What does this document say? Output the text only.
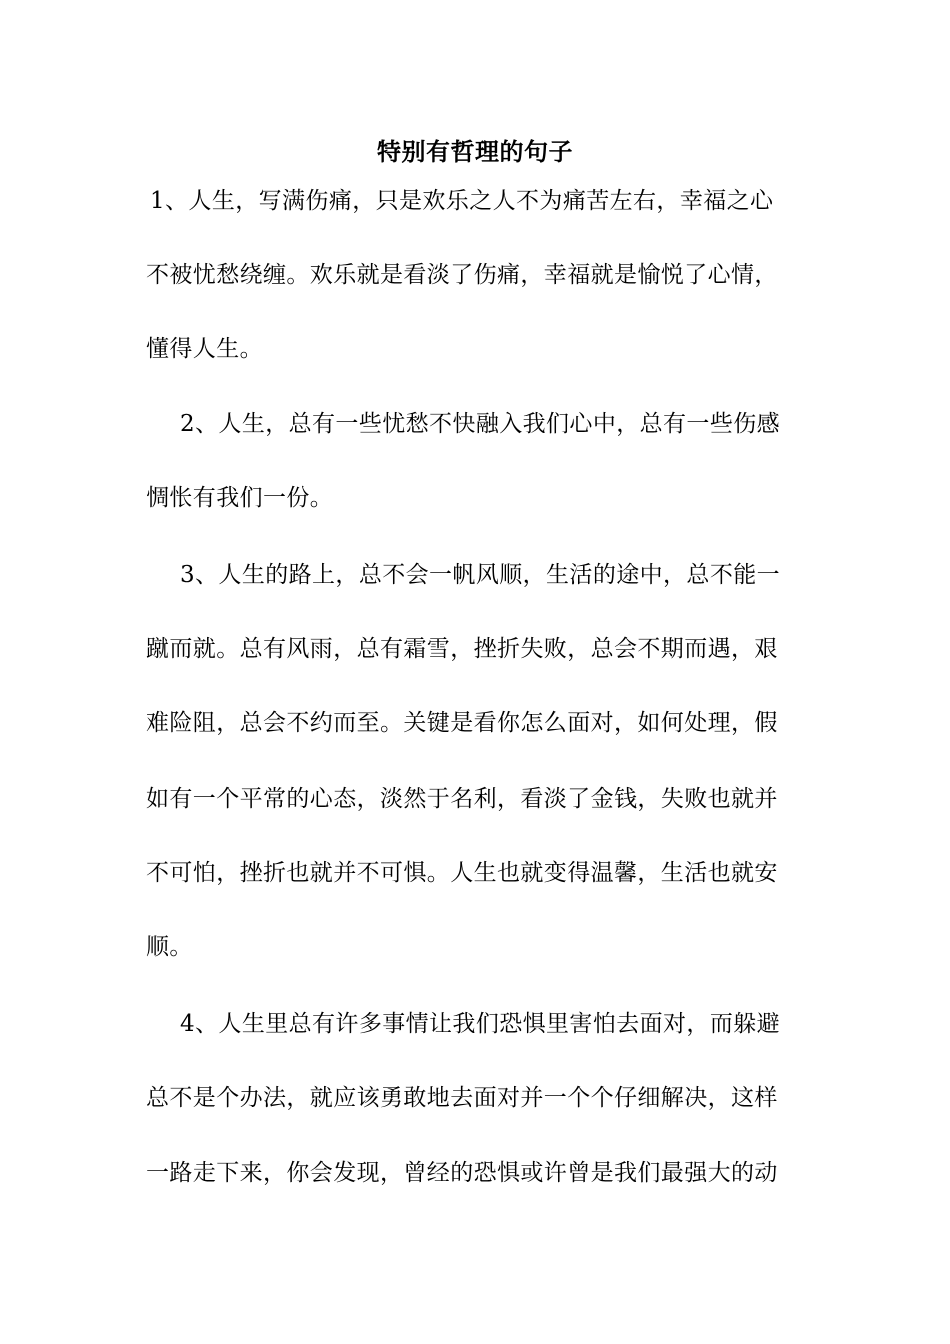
特别有哲理的句子
1、人生，写满伤痛，只是欢乐之人不为痛苦左右，幸福之心
不被忧愁绕缠。欢乐就是看淡了伤痛，幸福就是愉悦了心情，
懂得人生。
2、人生，总有一些忧愁不快融入我们心中，总有一些伤感
惆怅有我们一份。
3、人生的路上，总不会一帆风顺，生活的途中，总不能一
蹴而就。总有风雨，总有霜雪，挫折失败，总会不期而遇，艰
难险阻，总会不约而至。关键是看你怎么面对，如何处理，假
如有一个平常的心态，淡然于名利，看淡了金钱，失败也就并
不可怕，挫折也就并不可惧。人生也就变得温馨，生活也就安
顺。
4、人生里总有许多事情让我们恐惧里害怕去面对，而躲避
总不是个办法，就应该勇敢地去面对并一个个仔细解决，这样
一路走下来，你会发现，曾经的恐惧或许曾是我们最强大的动
